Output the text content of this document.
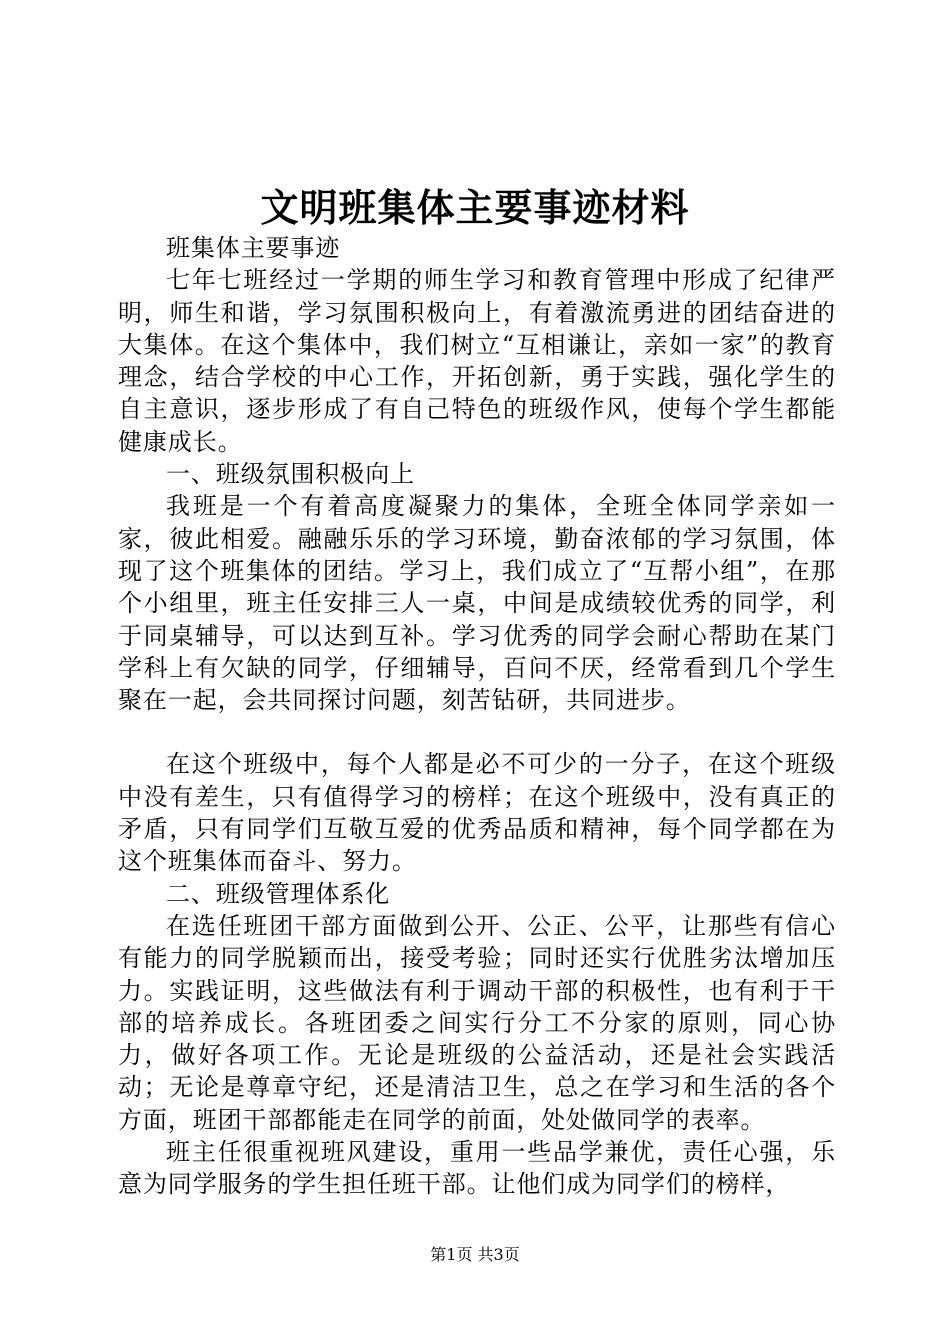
文明班集体主要事迹材料

班集体主要事迹

七年七班经过一学期的师生学习和教育管理中形成了纪律严明，师生和谐，学习氛围积极向上，有着激流勇进的团结奋进的大集体。在这个集体中，我们树立“互相谦让，亲如一家”的教育理念，结合学校的中心工作，开拓创新，勇于实践，强化学生的自主意识，逐步形成了有自己特色的班级作风，使每个学生都能健康成长。

一、班级氛围积极向上

我班是一个有着高度凝聚力的集体，全班全体同学亲如一家，彼此相爱。融融乐乐的学习环境，勤奋浓郁的学习氛围，体现了这个班集体的团结。学习上，我们成立了“互帮小组”，在那个小组里，班主任安排三人一桌，中间是成绩较优秀的同学，利于同桌辅导，可以达到互补。学习优秀的同学会耐心帮助在某门学科上有欠缺的同学，仔细辅导，百问不厌，经常看到几个学生聚在一起，会共同探讨问题，刻苦钻研，共同进步。

在这个班级中，每个人都是必不可少的一分子，在这个班级中没有差生，只有值得学习的榜样；在这个班级中，没有真正的矛盾，只有同学们互敬互爱的优秀品质和精神，每个同学都在为这个班集体而奋斗、努力。

二、班级管理体系化

在选任班团干部方面做到公开、公正、公平，让那些有信心有能力的同学脱颖而出，接受考验；同时还实行优胜劣汰增加压力。实践证明，这些做法有利于调动干部的积极性，也有利于干部的培养成长。各班团委之间实行分工不分家的原则，同心协力，做好各项工作。无论是班级的公益活动，还是社会实践活动；无论是尊章守纪，还是清洁卫生，总之在学习和生活的各个方面，班团干部都能走在同学的前面，处处做同学的表率。

班主任很重视班风建设，重用一些品学兼优，责任心强，乐意为同学服务的学生担任班干部。让他们成为同学们的榜样，

第1页 共3页
